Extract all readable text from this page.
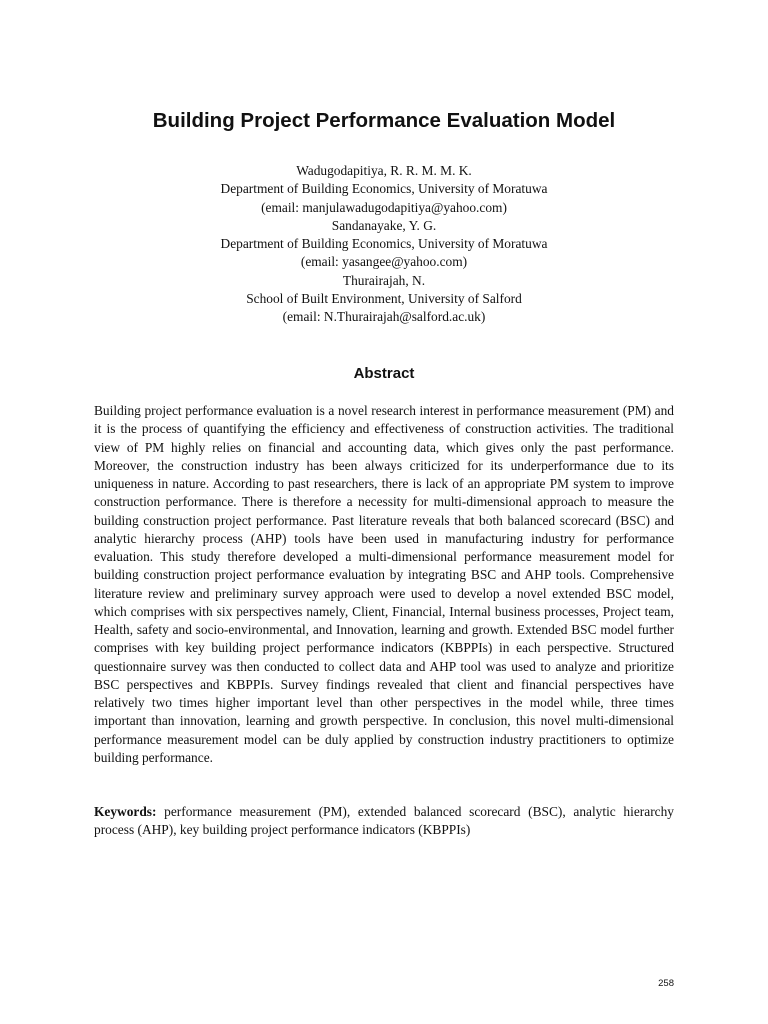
Building Project Performance Evaluation Model
Wadugodapitiya, R. R. M. M. K.
Department of Building Economics, University of Moratuwa
(email: manjulawadugodapitiya@yahoo.com)
Sandanayake, Y. G.
Department of Building Economics, University of Moratuwa
(email: yasangee@yahoo.com)
Thurairajah, N.
School of Built Environment, University of Salford
(email: N.Thurairajah@salford.ac.uk)
Abstract

Building project performance evaluation is a novel research interest in performance measurement (PM) and it is the process of quantifying the efficiency and effectiveness of construction activities. The traditional view of PM highly relies on financial and accounting data, which gives only the past performance. Moreover, the construction industry has been always criticized for its underperformance due to its uniqueness in nature. According to past researchers, there is lack of an appropriate PM system to improve construction performance. There is therefore a necessity for multi-dimensional approach to measure the building construction project performance. Past literature reveals that both balanced scorecard (BSC) and analytic hierarchy process (AHP) tools have been used in manufacturing industry for performance evaluation. This study therefore developed a multi-dimensional performance measurement model for building construction project performance evaluation by integrating BSC and AHP tools. Comprehensive literature review and preliminary survey approach were used to develop a novel extended BSC model, which comprises with six perspectives namely, Client, Financial, Internal business processes, Project team, Health, safety and socio-environmental, and Innovation, learning and growth. Extended BSC model further comprises with key building project performance indicators (KBPPIs) in each perspective. Structured questionnaire survey was then conducted to collect data and AHP tool was used to analyze and prioritize BSC perspectives and KBPPIs. Survey findings revealed that client and financial perspectives have relatively two times higher important level than other perspectives in the model while, three times important than innovation, learning and growth perspective. In conclusion, this novel multi-dimensional performance measurement model can be duly applied by construction industry practitioners to optimize building performance.

Keywords: performance measurement (PM), extended balanced scorecard (BSC), analytic hierarchy process (AHP), key building project performance indicators (KBPPIs)

258
